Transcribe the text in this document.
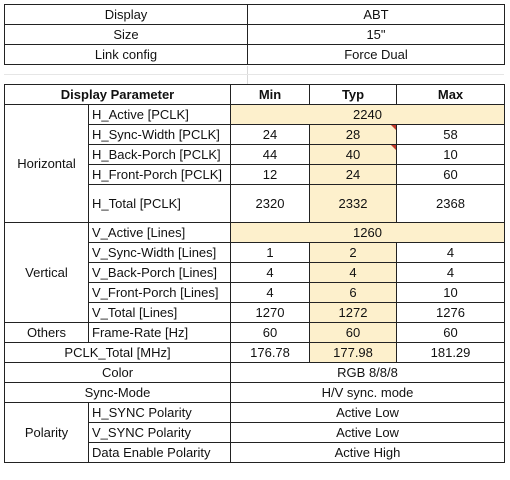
Display	ABT
Size	15"
Link config	Force Dual
Display Parameter		Min	Typ	Max
Horizontal	H_Active [PCLK]	2240		
	H_Sync-Width [PCLK]	24	28	58
	H_Back-Porch [PCLK]	44	40	10
	H_Front-Porch [PCLK]	12	24	60
	H_Total [PCLK]	2320	2332	2368
Vertical	V_Active [Lines]	1260		
	V_Sync-Width [Lines]	1	2	4
	V_Back-Porch [Lines]	4	4	4
	V_Front-Porch [Lines]	4	6	10
	V_Total [Lines]	1270	1272	1276
Others	Frame-Rate [Hz]	60	60	60
PCLK_Total [MHz]		176.78	177.98	181.29
Color		RGB 8/8/8		
Sync-Mode		H/V sync. mode		
Polarity	H_SYNC Polarity	Active Low		
	V_SYNC Polarity	Active Low		
	Data Enable Polarity	Active High		
